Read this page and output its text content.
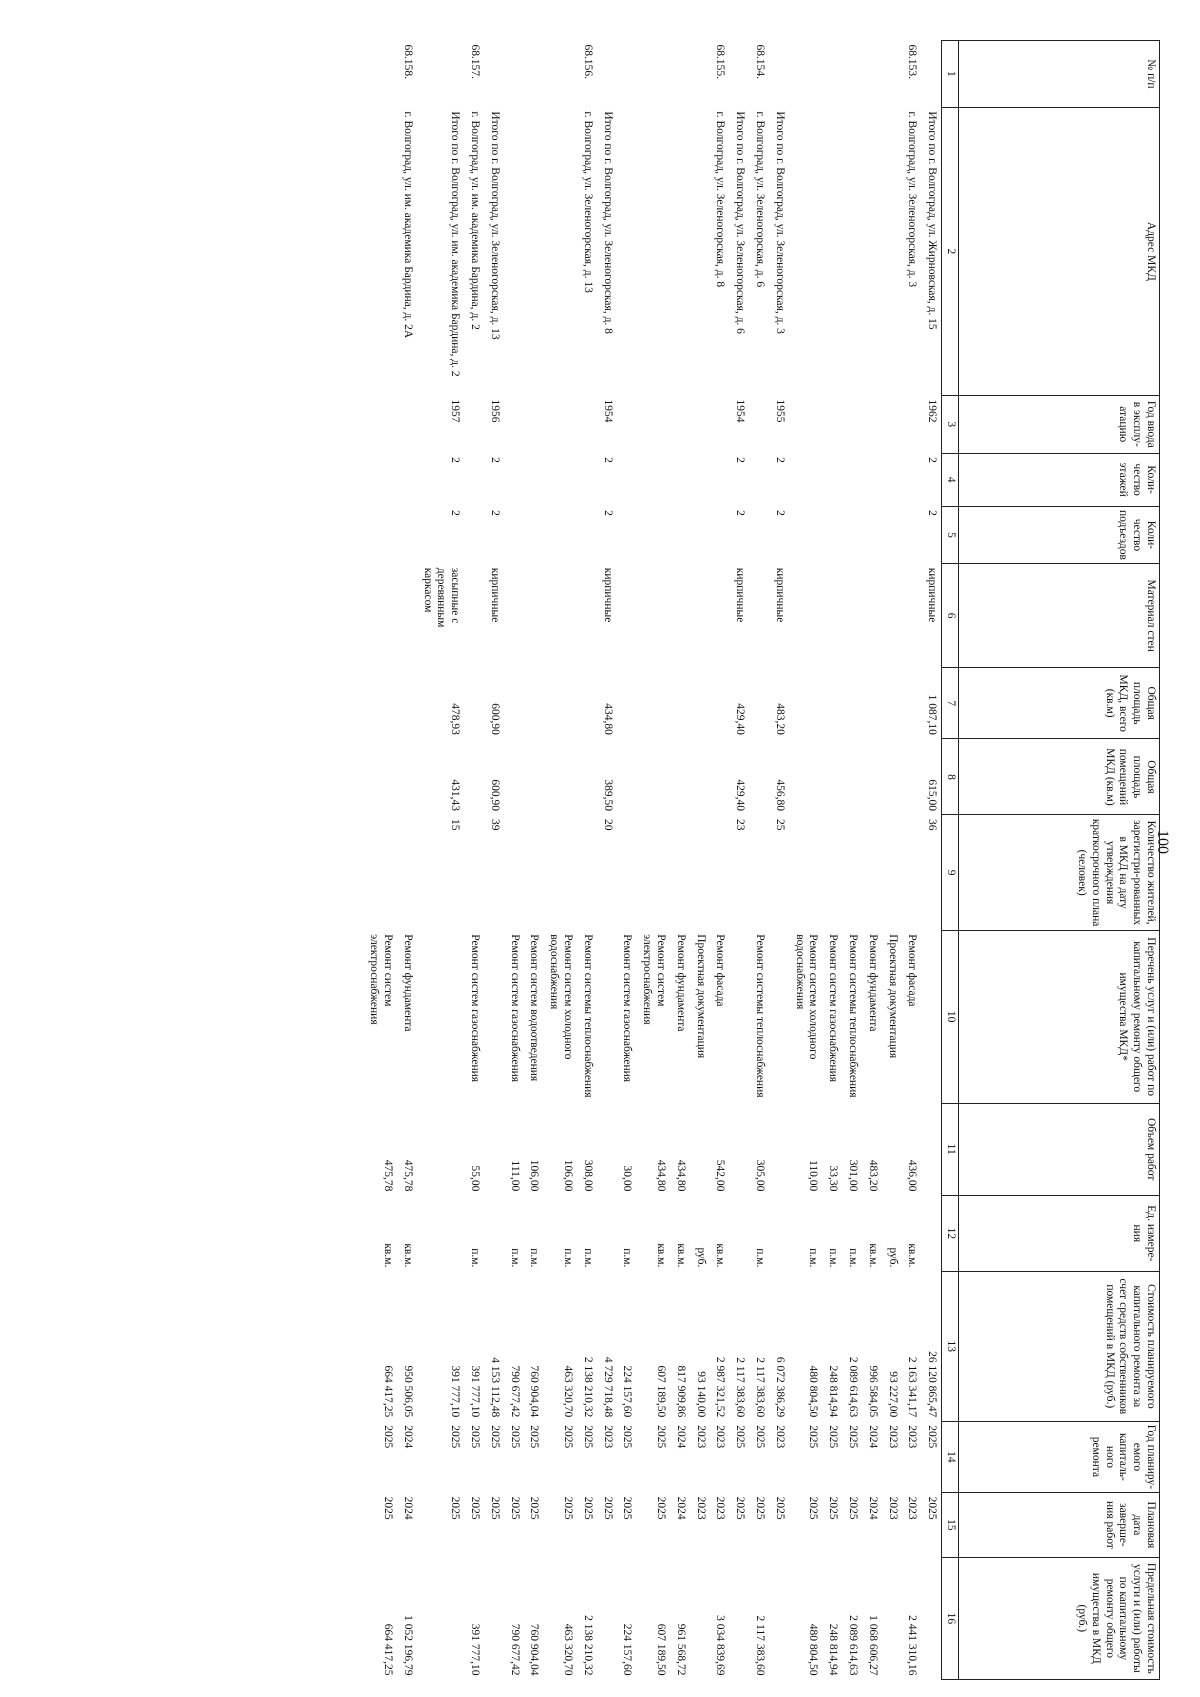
100
№ п/п	Адрес МКД	Год ввода в эксплу-атацию	Коли-чество этажей	Коли-чество подъездов	Материал стен	Общая площадь МКД, всего (кв.м)	Общая площадь помещений МКД (кв.м)	Количество жителей, зарегистри-рованных в МКД на дату утверждения краткосрочного плана (человек)	Перечень услуг и (или) работ по капитальному ремонту общего имущества МКД*	Объем работ	Ед. измере-ния	Стоимость планируемого капитального ремонта за счет средств собственников помещений в МКД (руб.)	Год планиру-емого капиталь-ного ремонта	Плановая дата заверше-ния работ	Предельная стоимость услуги и (или) работы по капитальному ремонту общего имущества в МКД (руб.)
1	2	3	4	5	6	7	8	9	10	11	12	13	14	15	16
	Итого по г. Волгоград, ул. Жирновская, д. 15	1962	2	2	кирпичные	1 087,10	615,00	36				26 120 865,47	2025	2025	
68.153.	г. Волгоград, ул. Зеленогорская, д. 3								Ремонт фасада	436,00	кв.м.	2 163 341,17	2023	2023	2 441 310,16
									Проектная документация		руб.	93 227,00	2023	2023	
									Ремонт фундамента	483,20	кв.м.	996 584,05	2024	2024	1 068 606,27
									Ремонт системы теплоснабжения	301,00	п.м.	2 089 614,63	2025	2025	2 089 614,63
									Ремонт систем газоснабжения	33,30	п.м.	248 814,94	2025	2025	248 814,94
									Ремонт систем холодного водоснабжения	110,00	п.м.	480 804,50	2025	2025	480 804,50
	Итого по г. Волгоград, ул. Зеленогорская, д. 3	1955	2	2	кирпичные	483,20	456,80	25				6 072 386,29	2023	2025	
68.154.	г. Волгоград, ул. Зеленогорская, д. 6								Ремонт системы теплоснабжения	305,00	п.м.	2 117 383,60	2025	2025	2 117 383,60
	Итого по г. Волгоград, ул. Зеленогорская, д. 6	1954	2	2	кирпичные	429,40	429,40	23				2 117 383,60	2025	2025	
68.155.	г. Волгоград, ул. Зеленогорская, д. 8								Ремонт фасада	542,00	кв.м.	2 987 321,52	2023	2023	3 034 839,69
									Проектная документация		руб.	93 140,00	2023	2023	
									Ремонт фундамента	434,80	кв.м.	817 909,86	2024	2024	961 568,72
									Ремонт систем электроснабжения	434,80	кв.м.	607 189,50	2025	2025	607 189,50
									Ремонт систем газоснабжения	30,00	п.м.	224 157,60	2025	2025	224 157,60
	Итого по г. Волгоград, ул. Зеленогорская, д. 8	1954	2	2	кирпичные	434,80	389,50	20				4 729 718,48	2023	2025	
68.156.	г. Волгоград, ул. Зеленогорская, д. 13								Ремонт системы теплоснабжения	308,00	п.м.	2 138 210,32	2025	2025	2 138 210,32
									Ремонт систем холодного водоснабжения	106,00	п.м.	463 320,70	2025	2025	463 320,70
									Ремонт систем водоотведения	106,00	п.м.	760 904,04	2025	2025	760 904,04
									Ремонт систем газоснабжения	111,00	п.м.	790 677,42	2025	2025	790 677,42
	Итого по г. Волгоград, ул. Зеленогорская, д. 13	1956	2	2	кирпичные	600,90	600,90	39				4 153 112,48	2025	2025	
68.157.	г. Волгоград, ул. им. академика Бардина, д. 2								Ремонт систем газоснабжения	55,00	п.м.	391 777,10	2025	2025	391 777,10
	Итого по г. Волгоград, ул. им. академика Бардина, д. 2	1957	2	2	засыпные с деревянным каркасом	478,93	431,43	15				391 777,10	2025	2025	
68.158.	г. Волгоград, ул. им. академика Бардина, д. 2А								Ремонт фундамента	475,78	кв.м.	950 506,05	2024	2024	1 052 196,79
									Ремонт систем электроснабжения	475,78	кв.м.	664 417,25	2025	2025	664 417,25
